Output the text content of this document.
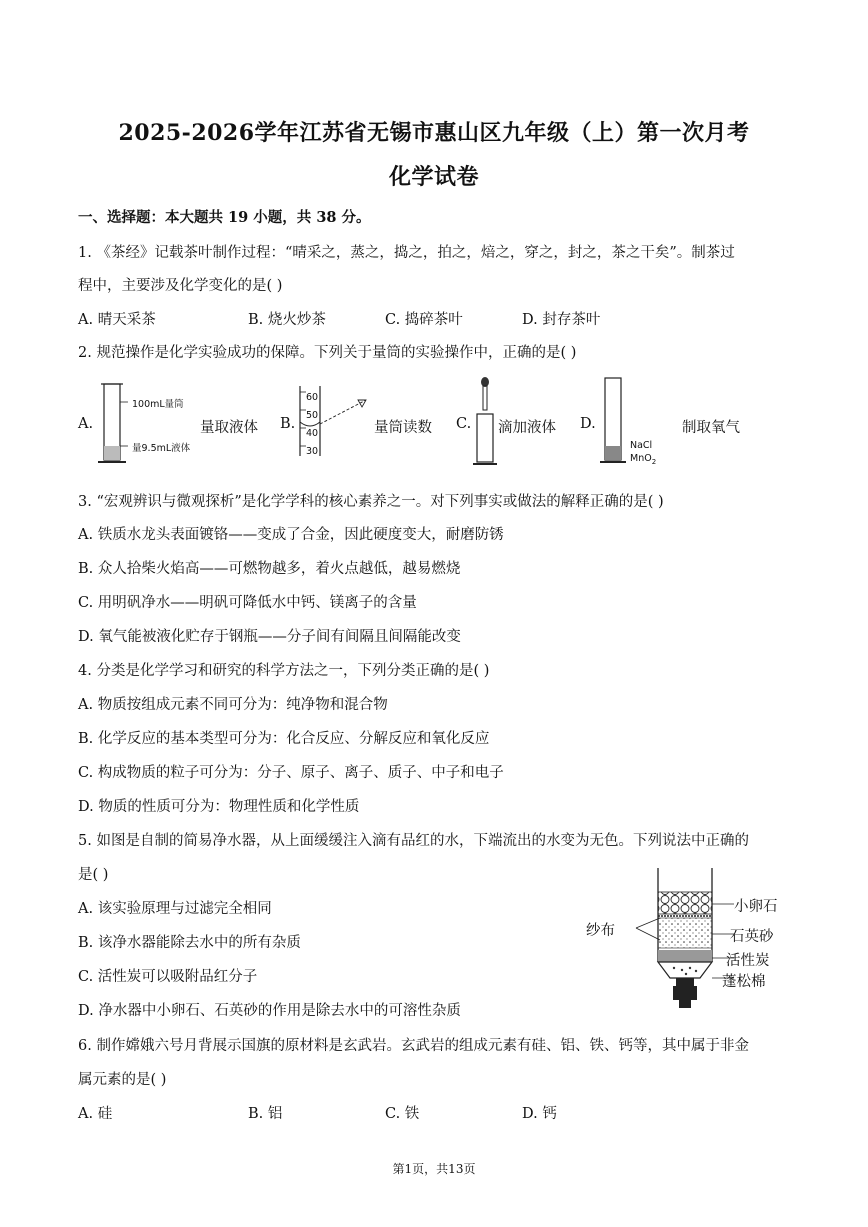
2025-2026学年江苏省无锡市惠山区九年级（上）第一次月考
化学试卷
一、选择题：本大题共 19 小题，共 38 分。
1. 《茶经》记载茶叶制作过程：“晴采之，蒸之，捣之，拍之，焙之，穿之，封之，茶之干矣”。制茶过
程中，主要涉及化学变化的是( )
A. 晴天采茶	B. 烧火炒茶	C. 捣碎茶叶	D. 封存茶叶
2. 规范操作是化学实验成功的保障。下列关于量筒的实验操作中，正确的是( )
A.
100mL量筒
量9.5mL液体
量取液体 B.
60
50
40
30
量筒读数 C. 滴加液体 D.
NaCl
MnO$_2$
制取氧气
3. “宏观辨识与微观探析”是化学学科的核心素养之一。对下列事实或做法的解释正确的是( )
A. 铁质水龙头表面镀铬——变成了合金，因此硬度变大，耐磨防锈
B. 众人拾柴火焰高——可燃物越多，着火点越低，越易燃烧
C. 用明矾净水——明矾可降低水中钙、镁离子的含量
D. 氧气能被液化贮存于钢瓶——分子间有间隔且间隔能改变
4. 分类是化学学习和研究的科学方法之一，下列分类正确的是( )
A. 物质按组成元素不同可分为：纯净物和混合物
B. 化学反应的基本类型可分为：化合反应、分解反应和氧化反应
C. 构成物质的粒子可分为：分子、原子、离子、质子、中子和电子
D. 物质的性质可分为：物理性质和化学性质
5. 如图是自制的简易净水器，从上面缓缓注入滴有品红的水，下端流出的水变为无色。下列说法中正确的
是( )
A. 该实验原理与过滤完全相同
B. 该净水器能除去水中的所有杂质
C. 活性炭可以吸附品红分子
D. 净水器中小卵石、石英砂的作用是除去水中的可溶性杂质
纱布
小卵石
石英砂
活性炭
蓬松棉
6. 制作嫦娥六号月背展示国旗的原材料是玄武岩。玄武岩的组成元素有硅、铝、铁、钙等，其中属于非金
属元素的是( )
A. 硅	B. 铝	C. 铁	D. 钙
第1页，共13页
